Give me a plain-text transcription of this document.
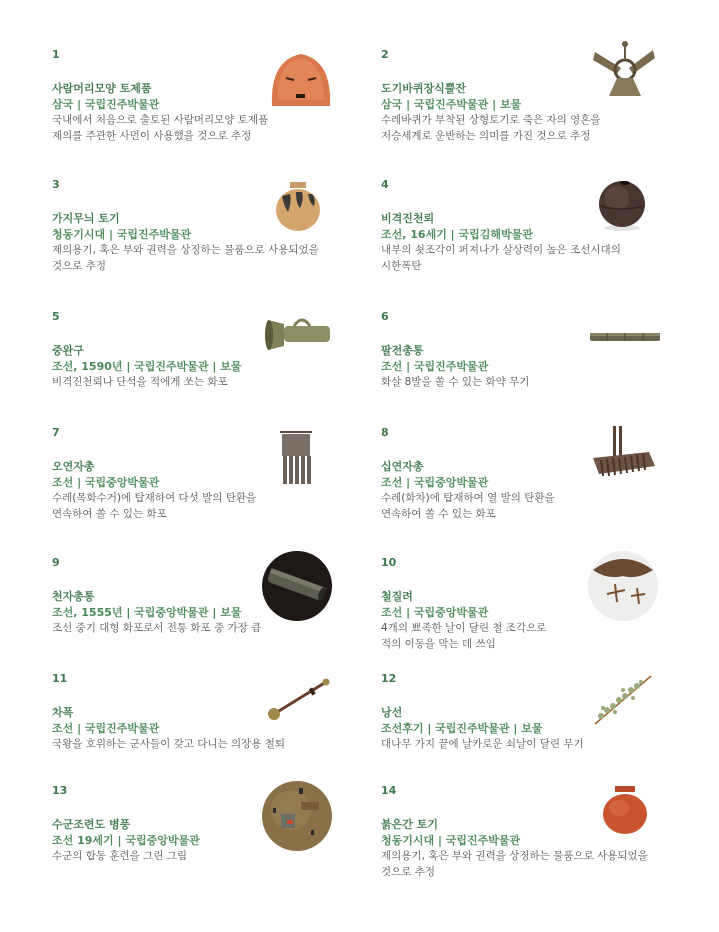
1
사람머리모양 토제품
삼국 | 국립진주박물관
국내에서 처음으로 출토된 사람머리모양 토제품
제의를 주관한 사먼이 사용했을 것으로 추정
2
도기바퀴장식뿔잔
삼국 | 국립진주박물관 | 보물
수레바퀴가 부착된 상형토기로 죽은 자의 영혼을
저승세계로 운반하는 의미를 가진 것으로 추정
3
가지무늬 토기
청동기시대 | 국립진주박물관
제의용기, 혹은 부와 권력을 상징하는 물품으로 사용되었을
것으로 추정
4
비격진천뢰
조선, 16세기 | 국립김해박물관
내부의 쇳조각이 퍼져나가 살상력이 높은 조선시대의
시한폭탄
5
중완구
조선, 1590년 | 국립진주박물관 | 보물
비격진천뢰나 단석을 적에게 쏘는 화포
6
팔전총통
조선 | 국립진주박물관
화살 8발을 쏠 수 있는 화약 무기
7
오연자총
조선 | 국립중앙박물관
수레(목화수거)에 탑재하여 다섯 발의 탄환을
연속하여 쏠 수 있는 화포
8
십연자총
조선 | 국립중앙박물관
수레(화차)에 탑재하여 열 발의 탄환을
연속하여 쏠 수 있는 화포
9
천자총통
조선, 1555년 | 국립중앙박물관 | 보물
조선 중기 대형 화포로서 전통 화포 중 가장 큼
10
철질려
조선 | 국립중앙박물관
4개의 뾰족한 날이 달린 철 조각으로
적의 이동을 막는 데 쓰임
11
차폭
조선 | 국립진주박물관
국왕을 호위하는 군사들이 갖고 다니는 의장용 철퇴
12
낭선
조선후기 | 국립진주박물관 | 보물
대나무 가지 끝에 날카로운 쇠날이 달린 무기
13
수군조련도 병풍
조선 19세기 | 국립중앙박물관
수군의 합동 훈련을 그린 그림
14
붉은간 토기
청동기시대 | 국립진주박물관
제의용기, 혹은 부와 권력을 상징하는 물품으로 사용되었을
것으로 추정
